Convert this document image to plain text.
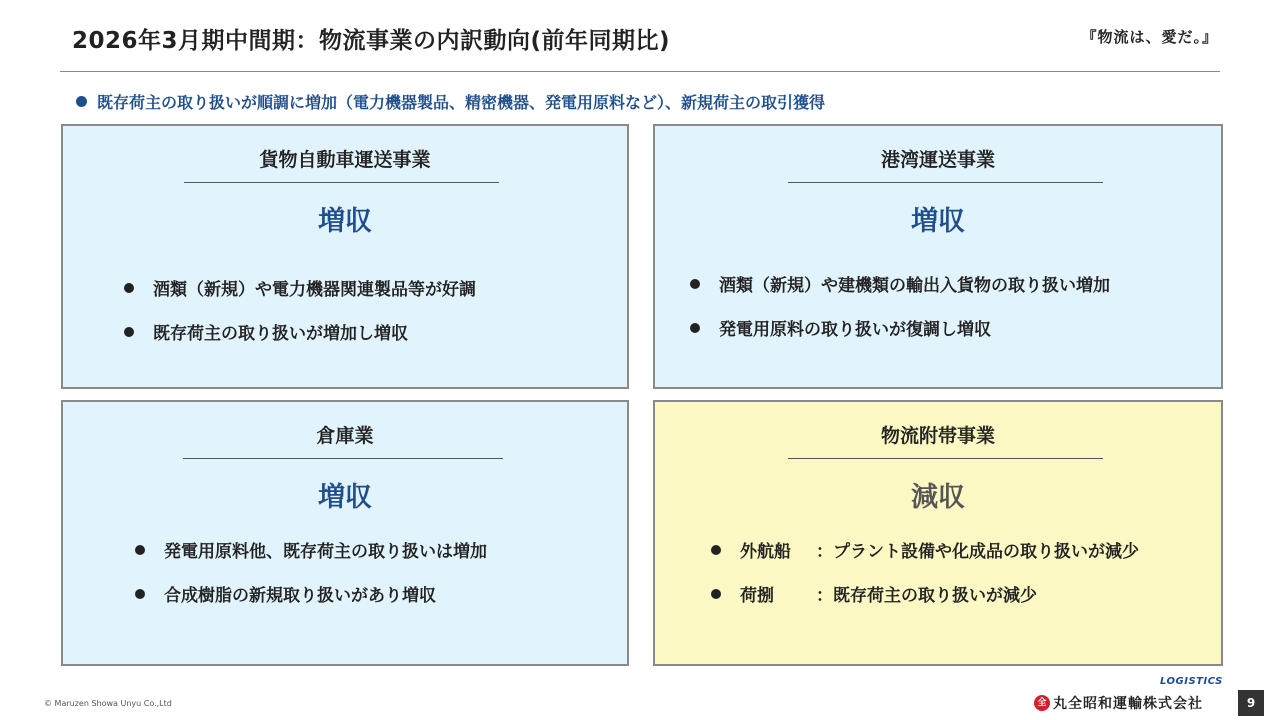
2026年3月期中間期：物流事業の内訳動向(前年同期比)	『物流は、愛だ。』
既存荷主の取り扱いが順調に増加（電力機器製品、精密機器、発電用原料など）、新規荷主の取引獲得
貨物自動車運送事業
増収
酒類（新規）や電力機器関連製品等が好調
既存荷主の取り扱いが増加し増収
港湾運送事業
増収
酒類（新規）や建機類の輸出入貨物の取り扱い増加
発電用原料の取り扱いが復調し増収
倉庫業
増収
発電用原料他、既存荷主の取り扱いは増加
合成樹脂の新規取り扱いがあり増収
物流附帯事業
減収
外航船	：プラント設備や化成品の取り扱いが減少
荷捌	：既存荷主の取り扱いが減少
© Maruzen Showa Unyu Co.,Ltd
LOGISTICS
全 丸全昭和運輸株式会社	9
